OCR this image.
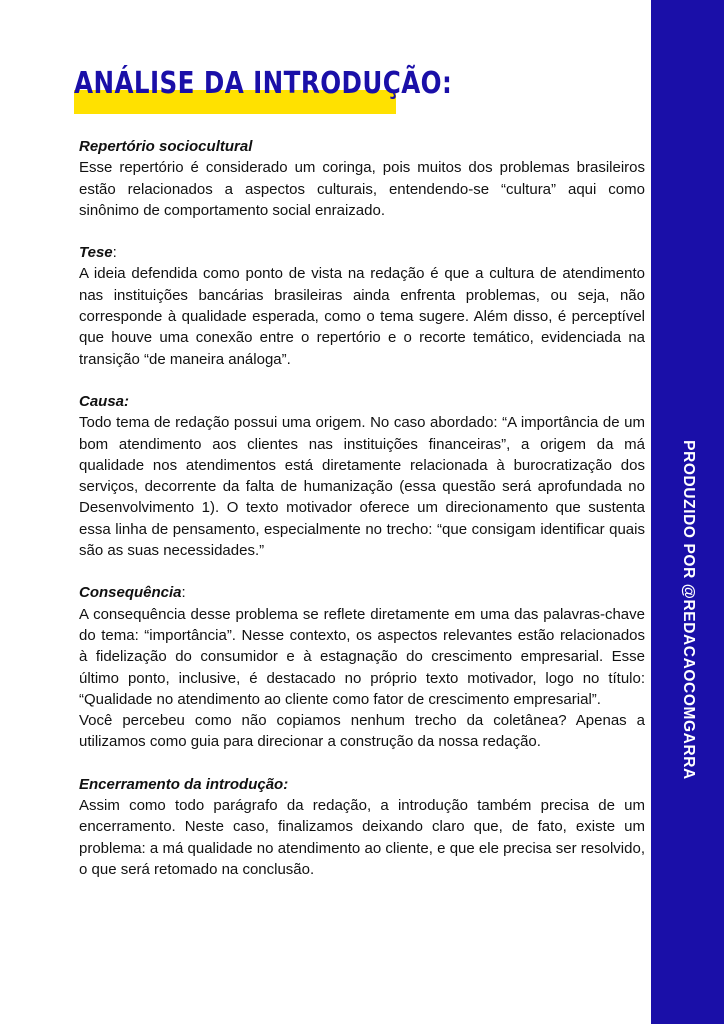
PRODUZIDO POR @REDACAOCOMGARRA
ANÁLISE DA INTRODUÇÃO:
Repertório sociocultural

Esse repertório é considerado um coringa, pois muitos dos problemas brasileiros estão relacionados a aspectos culturais, entendendo-se “cultura” aqui como sinônimo de comportamento social enraizado.

Tese:

A ideia defendida como ponto de vista na redação é que a cultura de atendimento nas instituições bancárias brasileiras ainda enfrenta problemas, ou seja, não corresponde à qualidade esperada, como o tema sugere. Além disso, é perceptível que houve uma conexão entre o repertório e o recorte temático, evidenciada na transição “de maneira análoga”.

Causa:

Todo tema de redação possui uma origem. No caso abordado: “A importância de um bom atendimento aos clientes nas instituições financeiras”, a origem da má qualidade nos atendimentos está diretamente relacionada à burocratização dos serviços, decorrente da falta de humanização (essa questão será aprofundada no Desenvolvimento 1). O texto motivador oferece um direcionamento que sustenta essa linha de pensamento, especialmente no trecho: “que consigam identificar quais são as suas necessidades.”

Consequência:

A consequência desse problema se reflete diretamente em uma das palavras-chave do tema: “importância”. Nesse contexto, os aspectos relevantes estão relacionados à fidelização do consumidor e à estagnação do crescimento empresarial. Esse último ponto, inclusive, é destacado no próprio texto motivador, logo no título: “Qualidade no atendimento ao cliente como fator de crescimento empresarial”.

Você percebeu como não copiamos nenhum trecho da coletânea? Apenas a utilizamos como guia para direcionar a construção da nossa redação.

Encerramento da introdução:

Assim como todo parágrafo da redação, a introdução também precisa de um encerramento. Neste caso, finalizamos deixando claro que, de fato, existe um problema: a má qualidade no atendimento ao cliente, e que ele precisa ser resolvido, o que será retomado na conclusão.
